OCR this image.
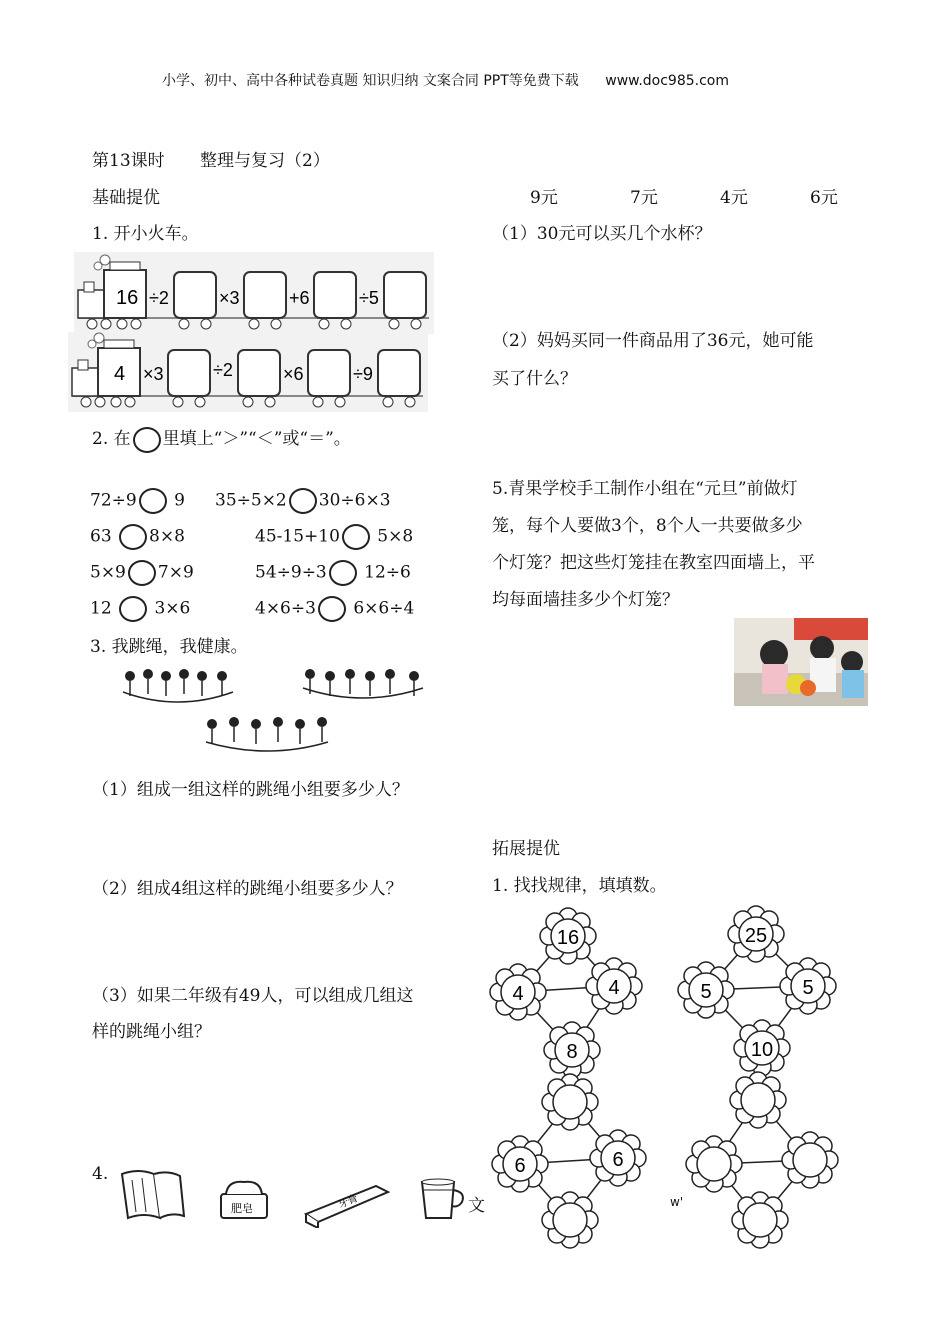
小学、初中、高中各种试卷真题 知识归纳 文案合同 PPT等免费下载 www.doc985.com
第13课时 整理与复习（2）
基础提优
1. 开小火车。
16 ÷2	×3	+6	÷5
4 ×3	÷2	×6	÷9
2. 在 里填上“＞”“＜”或“＝”。
72÷9 9 35÷5×2 30÷6×3
63 8×8	45-15+10 5×8
5×9 7×9	54÷9÷3 12÷6
12	3×6	4×6÷3 6×6÷4
3. 我跳绳，我健康。
（1）组成一组这样的跳绳小组要多少人？
（2）组成4组这样的跳绳小组要多少人？
（3）如果二年级有49人，可以组成几组这
样的跳绳小组？
4.
肥皂	牙膏	文	w'
9元	7元	4元	6元
（1）30元可以买几个水杯？
（2）妈妈买同一件商品用了36元，她可能
买了什么？
5.青果学校手工制作小组在“元旦”前做灯
笼，每个人要做3个，8个人一共要做多少
个灯笼？把这些灯笼挂在教室四面墙上，平
均每面墙挂多少个灯笼？
拓展提优
1. 找找规律，填填数。
16
4	4
8
25
5	5
10
6	6
